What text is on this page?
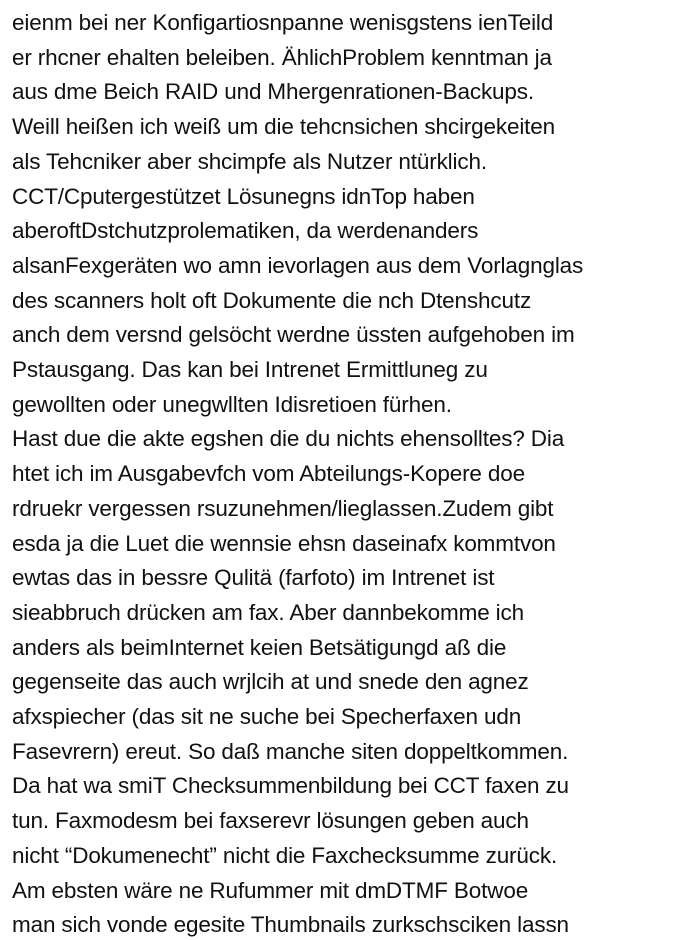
eienm bei ner Konfigartiosnpanne wenisgstens ienTeild
er rhcner ehalten beleiben. ÄhlichProblem kenntman ja
aus dme Beich RAID und Mhergenrationen-Backups.
Weill heißen ich weiß um die tehcnsichen shcirgekeiten
als Tehcniker aber shcimpfe als Nutzer ntürklich.
CCT/Cputergestützet Lösunegns idnTop haben
aberoftDstchutzprolematiken, da werdenanders
alsanFexgeräten wo amn ievorlagen aus dem Vorlagnglas
des scanners holt oft Dokumente die nch Dtenshcutz
anch dem versnd gelsöcht werdne üssten aufgehoben im
Pstausgang. Das kan bei Intrenet Ermittluneg zu
gewollten oder unegwllten Idisretioen fürhen.
Hast due die akte egshen die du nichts ehensolltes? Dia
htet ich im Ausgabevfch vom Abteilungs-Kopere doe
rdruekr vergessen rsuzunehmen/lieglassen.Zudem gibt
esda ja die Luet die wennsie ehsn daseinafx kommtvon
ewtas das in bessre Qulitä (farfoto) im Intrenet ist
sieabbruch drücken am fax. Aber dannbekomme ich
anders als beimInternet keien Betsätigungd aß die
gegenseite das auch wrjlcih at und snede den agnez
afxspiecher (das sit ne suche bei Specherfaxen udn
Fasevrern) ereut. So daß manche siten doppeltkommen.
Da hat wa smiT Checksummenbildung bei CCT faxen zu
tun. Faxmodesm bei faxserevr lösungen geben auch
nicht “Dokumenecht” nicht die Faxchecksumme zurück.
Am ebsten wäre ne Rufummer mit dmDTMF Botwoe
man sich vonde egesite Thumbnails zurkschsciken lassn
